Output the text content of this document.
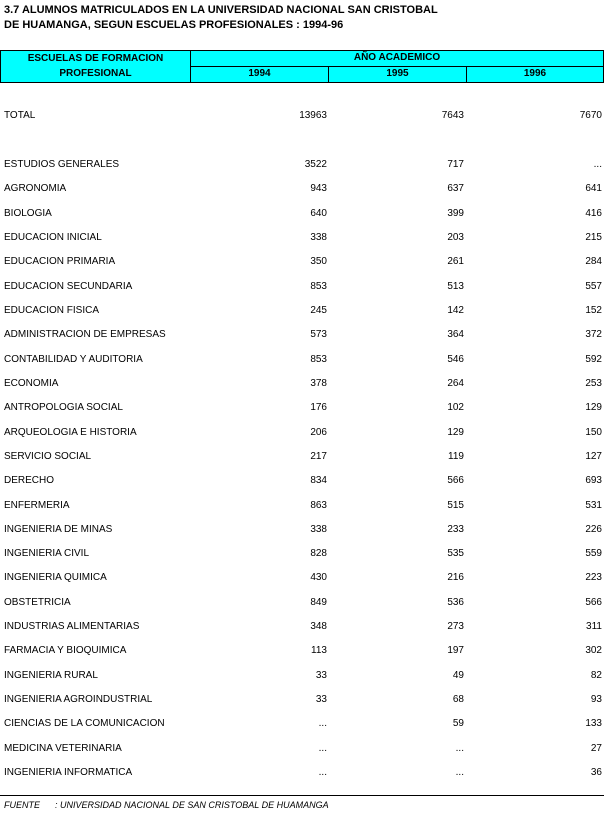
3.7 ALUMNOS MATRICULADOS EN LA UNIVERSIDAD NACIONAL SAN CRISTOBAL
DE HUAMANGA, SEGUN ESCUELAS PROFESIONALES : 1994-96
ESCUELAS DE FORMACION
PROFESIONAL
AÑO ACADEMICO
1994	1995	1996
TOTAL	13963	7643	7670
ESTUDIOS GENERALES	3522	717	...
AGRONOMIA	943	637	641
BIOLOGIA	640	399	416
EDUCACION INICIAL	338	203	215
EDUCACION PRIMARIA	350	261	284
EDUCACION SECUNDARIA	853	513	557
EDUCACION FISICA	245	142	152
ADMINISTRACION DE EMPRESAS	573	364	372
CONTABILIDAD Y AUDITORIA	853	546	592
ECONOMIA	378	264	253
ANTROPOLOGIA SOCIAL	176	102	129
ARQUEOLOGIA E HISTORIA	206	129	150
SERVICIO SOCIAL	217	119	127
DERECHO	834	566	693
ENFERMERIA	863	515	531
INGENIERIA DE MINAS	338	233	226
INGENIERIA CIVIL	828	535	559
INGENIERIA QUIMICA	430	216	223
OBSTETRICIA	849	536	566
INDUSTRIAS ALIMENTARIAS	348	273	311
FARMACIA Y BIOQUIMICA	113	197	302
INGENIERIA RURAL	33	49	82
INGENIERIA AGROINDUSTRIAL	33	68	93
CIENCIAS DE LA COMUNICACION	...	59	133
MEDICINA VETERINARIA	...	...	27
INGENIERIA INFORMATICA	...	...	36
FUENTE : UNIVERSIDAD NACIONAL DE SAN CRISTOBAL DE HUAMANGA
